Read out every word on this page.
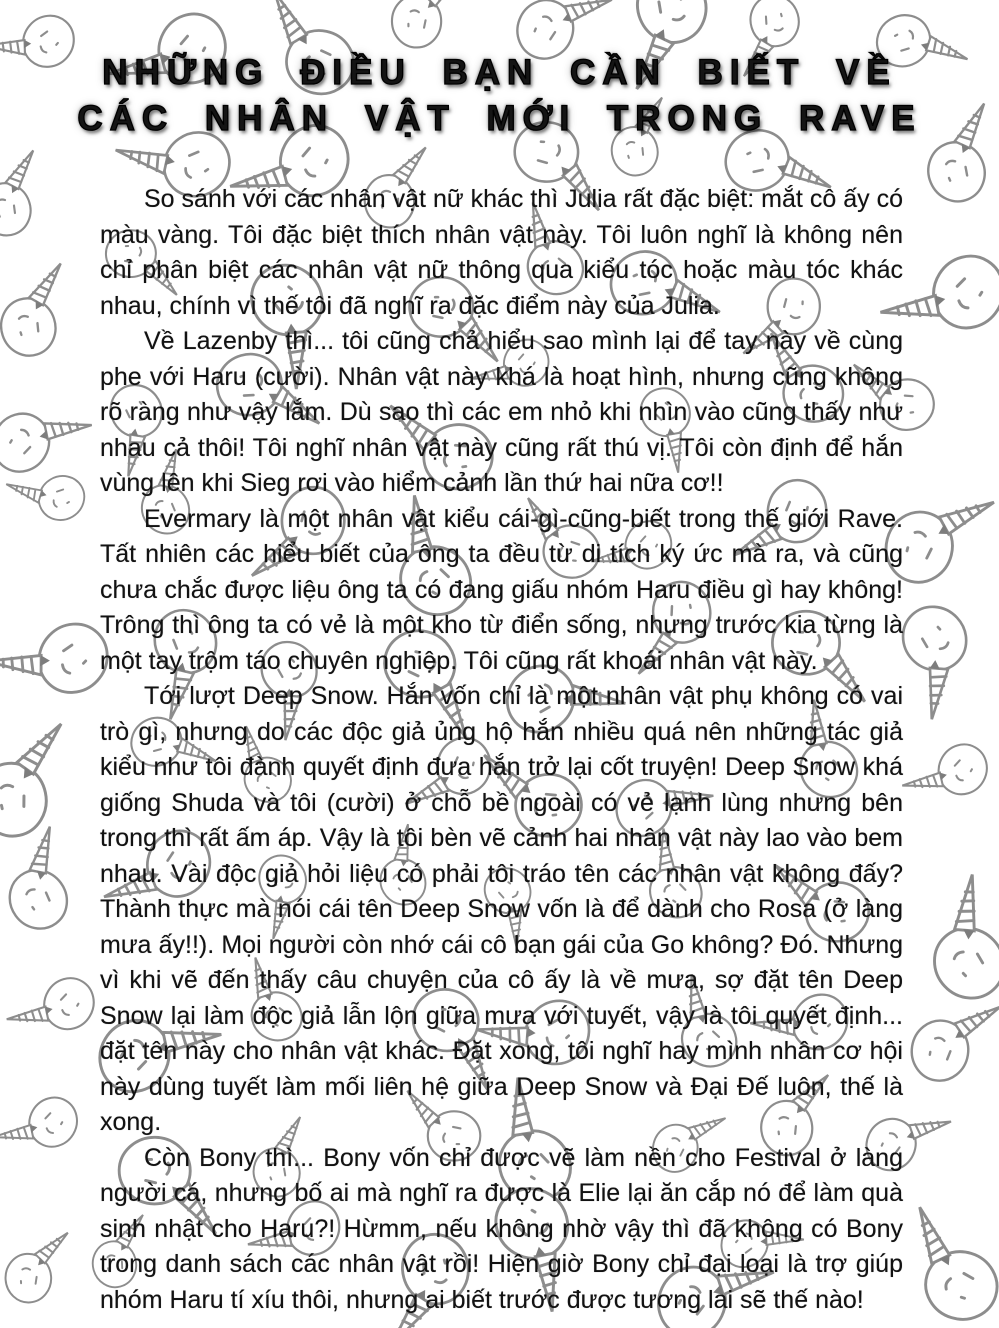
NHỮNG ĐIỀU BẠN CẦN BIẾT VỀ
CÁC NHÂN VẬT MỚI TRONG RAVE

So sánh với các nhân vật nữ khác thì Julia rất đặc biệt: mắt cô ấy có màu vàng. Tôi đặc biệt thích nhân vật này. Tôi luôn nghĩ là không nên chỉ phân biệt các nhân vật nữ thông qua kiểu tóc hoặc màu tóc khác nhau, chính vì thế tôi đã nghĩ ra đặc điểm này của Julia.

Về Lazenby thì... tôi cũng chả hiểu sao mình lại để tay này về cùng phe với Haru (cười). Nhân vật này khá là hoạt hình, nhưng cũng không rõ ràng như vậy lắm. Dù sao thì các em nhỏ khi nhìn vào cũng thấy như nhau cả thôi! Tôi nghĩ nhân vật này cũng rất thú vị. Tôi còn định để hắn vùng lên khi Sieg rơi vào hiểm cảnh lần thứ hai nữa cơ!!

Evermary là một nhân vật kiểu cái-gì-cũng-biết trong thế giới Rave. Tất nhiên các hiểu biết của ông ta đều từ di tích ký ức mà ra, và cũng chưa chắc được liệu ông ta có đang giấu nhóm Haru điều gì hay không! Trông thì ông ta có vẻ là một kho từ điển sống, nhưng trước kia từng là một tay trộm táo chuyên nghiệp. Tôi cũng rất khoái nhân vật này.

Tới lượt Deep Snow. Hắn vốn chỉ là một nhân vật phụ không có vai trò gì, nhưng do các độc giả ủng hộ hắn nhiều quá nên những tác giả kiểu như tôi đành quyết định đưa hắn trở lại cốt truyện! Deep Snow khá giống Shuda và tôi (cười) ở chỗ bề ngoài có vẻ lạnh lùng nhưng bên trong thì rất ấm áp. Vậy là tôi bèn vẽ cảnh hai nhân vật này lao vào bem nhau. Vài độc giả hỏi liệu có phải tôi tráo tên các nhân vật không đấy? Thành thực mà nói cái tên Deep Snow vốn là để dành cho Rosa (ở làng mưa ấy!!). Mọi người còn nhớ cái cô bạn gái của Go không? Đó. Nhưng vì khi vẽ đến thấy câu chuyện của cô ấy là về mưa, sợ đặt tên Deep Snow lại làm độc giả lẫn lộn giữa mưa với tuyết, vậy là tôi quyết định... đặt tên này cho nhân vật khác. Đặt xong, tôi nghĩ hay mình nhân cơ hội này dùng tuyết làm mối liên hệ giữa Deep Snow và Đại Đế luôn, thế là xong.

Còn Bony thì... Bony vốn chỉ được vẽ làm nền cho Festival ở làng người cá, nhưng bố ai mà nghĩ ra được là Elie lại ăn cắp nó để làm quà sinh nhật cho Haru?! Hừmm, nếu không nhờ vậy thì đã không có Bony trong danh sách các nhân vật rồi! Hiện giờ Bony chỉ đại loại là trợ giúp nhóm Haru tí xíu thôi, nhưng ai biết trước được tương lai sẽ thế nào!
